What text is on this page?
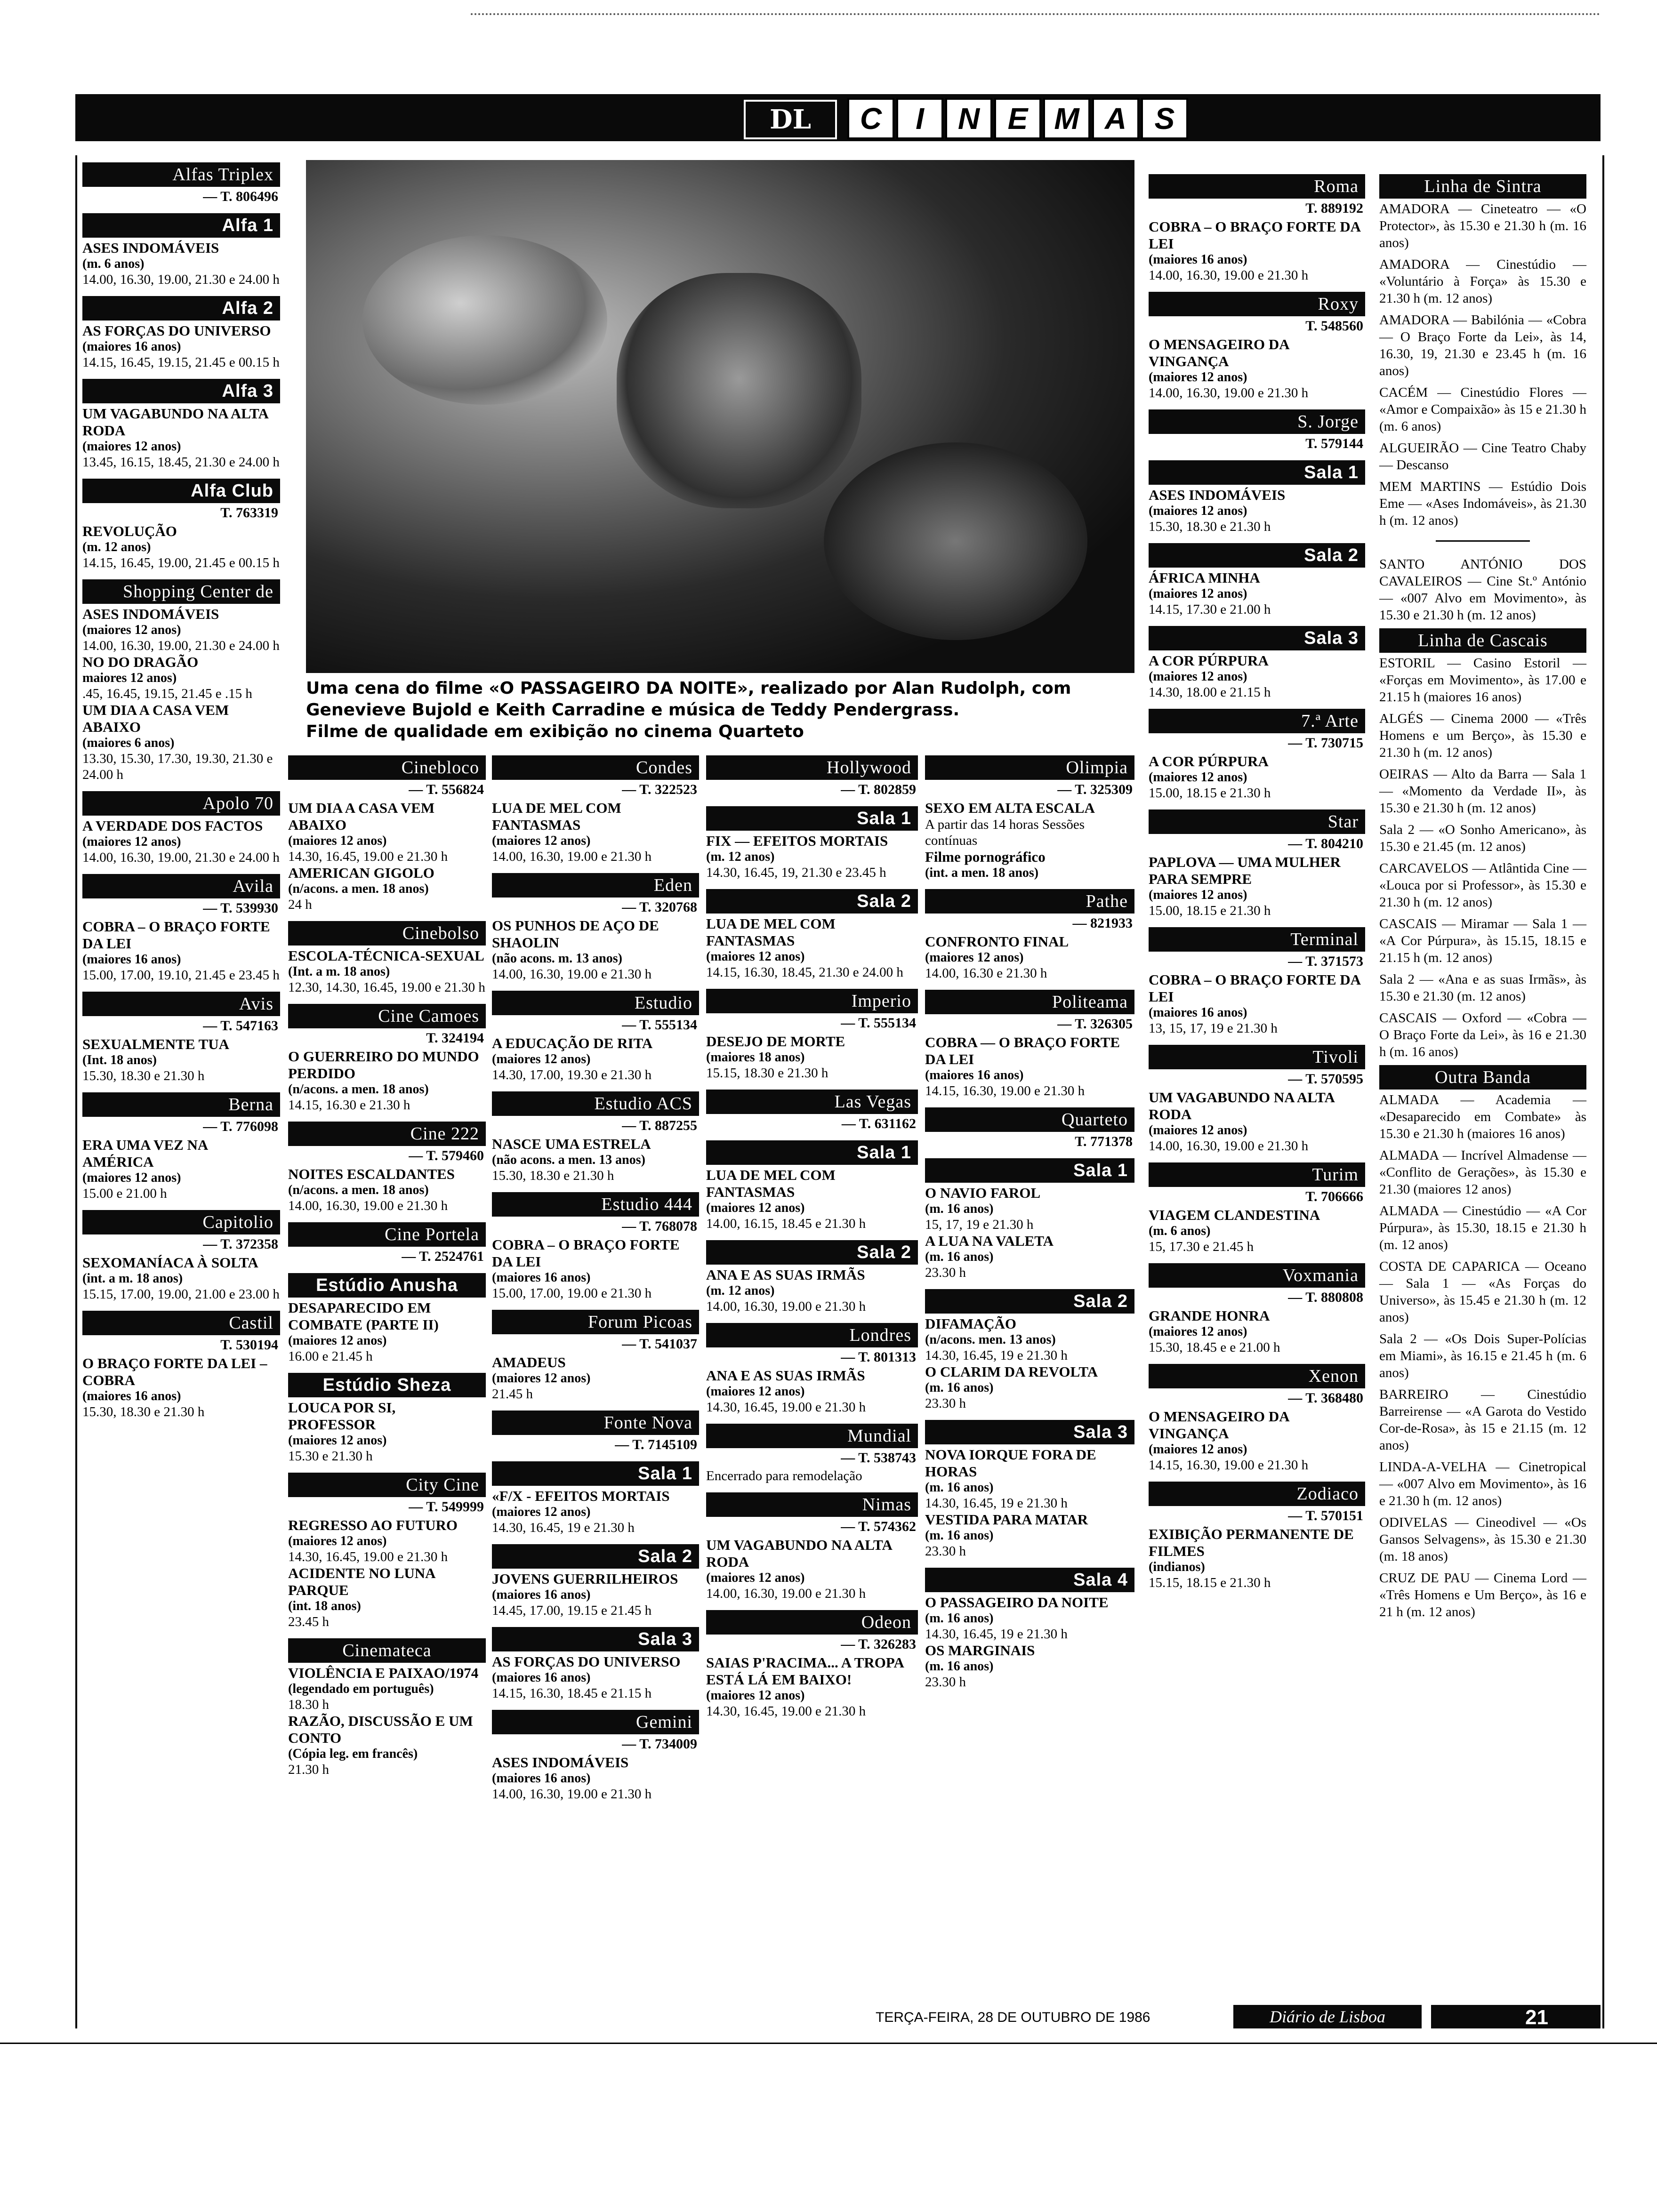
DL	C	I	N E M A S
Alfas Triplex
— T. 806496
Alfa 1
ASES INDOMÁVEIS
(m. 6 anos)
14.00, 16.30, 19.00, 21.30 e 24.00 h
Alfa 2
AS FORÇAS DO UNIVERSO
(maiores 16 anos)
14.15, 16.45, 19.15, 21.45 e 00.15 h
Alfa 3
UM VAGABUNDO NA ALTA RODA
(maiores 12 anos)
13.45, 16.15, 18.45, 21.30 e 24.00 h
Alfa Club
T. 763319
REVOLUÇÃO
(m. 12 anos)
14.15, 16.45, 19.00, 21.45 e 00.15 h
Shopping Center de Lisboa
ASES INDOMÁVEIS
(maiores 12 anos)
14.00, 16.30, 19.00, 21.30 e 24.00 h
NO DO DRAGÃO
maiores 12 anos)
.45, 16.45, 19.15, 21.45 e .15 h
UM DIA A CASA VEM ABAIXO
(maiores 6 anos)
13.30, 15.30, 17.30, 19.30, 21.30 e 24.00 h
Apolo 70
A VERDADE DOS FACTOS
(maiores 12 anos)
14.00, 16.30, 19.00, 21.30 e 24.00 h
Avila
— T. 539930
COBRA – O BRAÇO FORTE DA LEI
(maiores 16 anos)
15.00, 17.00, 19.10, 21.45 e 23.45 h
Avis
— T. 547163
SEXUALMENTE TUA
(Int. 18 anos)
15.30, 18.30 e 21.30 h
Berna
— T. 776098
ERA UMA VEZ NA AMÉRICA
(maiores 12 anos)
15.00 e 21.00 h
Capitolio
— T. 372358
SEXOMANÍACA À SOLTA
(int. a m. 18 anos)
15.15, 17.00, 19.00, 21.00 e 23.00 h
Castil
T. 530194
O BRAÇO FORTE DA LEI – COBRA
(maiores 16 anos)
15.30, 18.30 e 21.30 h
Uma cena do filme «O PASSAGEIRO DA NOITE», realizado por Alan Rudolph, com
Genevieve Bujold e Keith Carradine e música de Teddy Pendergrass.
Filme de qualidade em exibição no cinema Quarteto
Cinebloco
— T. 556824
UM DIA A CASA VEM ABAIXO
(maiores 12 anos)
14.30, 16.45, 19.00 e 21.30 h
AMERICAN GIGOLO
(n/acons. a men. 18 anos)
24 h
Cinebolso
ESCOLA-TÉCNICA-SEXUAL
(Int. a m. 18 anos)
12.30, 14.30, 16.45, 19.00 e 21.30 h
Cine Camoes
T. 324194
O GUERREIRO DO MUNDO PERDIDO
(n/acons. a men. 18 anos)
14.15, 16.30 e 21.30 h
Cine 222
— T. 579460
NOITES ESCALDANTES
(n/acons. a men. 18 anos)
14.00, 16.30, 19.00 e 21.30 h
Cine Portela
— T. 2524761
Estúdio Anusha
DESAPARECIDO EM COMBATE (PARTE II)
(maiores 12 anos)
16.00 e 21.45 h
Estúdio Sheza
LOUCA POR SI, PROFESSOR
(maiores 12 anos)
15.30 e 21.30 h
City Cine
— T. 549999
REGRESSO AO FUTURO
(maiores 12 anos)
14.30, 16.45, 19.00 e 21.30 h
ACIDENTE NO LUNA PARQUE
(int. 18 anos)
23.45 h
Cinemateca
VIOLÊNCIA E PAIXAO/1974
(legendado em português)
18.30 h
RAZÃO, DISCUSSÃO E UM CONTO
(Cópia leg. em francês)
21.30 h
Condes
— T. 322523
LUA DE MEL COM FANTASMAS
(maiores 12 anos)
14.00, 16.30, 19.00 e 21.30 h
Eden
— T. 320768
OS PUNHOS DE AÇO DE SHAOLIN
(não acons. m. 13 anos)
14.00, 16.30, 19.00 e 21.30 h
Estudio
— T. 555134
A EDUCAÇÃO DE RITA
(maiores 12 anos)
14.30, 17.00, 19.30 e 21.30 h
Estudio ACS
— T. 887255
NASCE UMA ESTRELA
(não acons. a men. 13 anos)
15.30, 18.30 e 21.30 h
Estudio 444
— T. 768078
COBRA – O BRAÇO FORTE DA LEI
(maiores 16 anos)
15.00, 17.00, 19.00 e 21.30 h
Forum Picoas
— T. 541037
AMADEUS
(maiores 12 anos)
21.45 h
Fonte Nova
— T. 7145109
Sala 1
«F/X - EFEITOS MORTAIS
(maiores 12 anos)
14.30, 16.45, 19 e 21.30 h
Sala 2
JOVENS GUERRILHEIROS
(maiores 16 anos)
14.45, 17.00, 19.15 e 21.45 h
Sala 3
AS FORÇAS DO UNIVERSO
(maiores 16 anos)
14.15, 16.30, 18.45 e 21.15 h
Gemini
— T. 734009
ASES INDOMÁVEIS
(maiores 16 anos)
14.00, 16.30, 19.00 e 21.30 h
Hollywood
— T. 802859
Sala 1
FIX — EFEITOS MORTAIS
(m. 12 anos)
14.30, 16.45, 19, 21.30 e 23.45 h
Sala 2
LUA DE MEL COM FANTASMAS
(maiores 12 anos)
14.15, 16.30, 18.45, 21.30 e 24.00 h
Imperio
— T. 555134
DESEJO DE MORTE
(maiores 18 anos)
15.15, 18.30 e 21.30 h
Las Vegas
— T. 631162
Sala 1
LUA DE MEL COM FANTASMAS
(maiores 12 anos)
14.00, 16.15, 18.45 e 21.30 h
Sala 2
ANA E AS SUAS IRMÃS
(m. 12 anos)
14.00, 16.30, 19.00 e 21.30 h
Londres
— T. 801313
ANA E AS SUAS IRMÃS
(maiores 12 anos)
14.30, 16.45, 19.00 e 21.30 h
Mundial
— T. 538743
Encerrado para remodelação
Nimas
— T. 574362
UM VAGABUNDO NA ALTA RODA
(maiores 12 anos)
14.00, 16.30, 19.00 e 21.30 h
Odeon
— T. 326283
SAIAS P'RACIMA... A TROPA ESTÁ LÁ EM BAIXO!
(maiores 12 anos)
14.30, 16.45, 19.00 e 21.30 h
Olimpia
— T. 325309
SEXO EM ALTA ESCALA
A partir das 14 horas Sessões contínuas
Filme pornográfico
(int. a men. 18 anos)
Pathe
— 821933
CONFRONTO FINAL
(maiores 12 anos)
14.00, 16.30 e 21.30 h
Politeama
— T. 326305
COBRA — O BRAÇO FORTE DA LEI
(maiores 16 anos)
14.15, 16.30, 19.00 e 21.30 h
Quarteto
T. 771378
Sala 1
O NAVIO FAROL
(m. 16 anos)
15, 17, 19 e 21.30 h
A LUA NA VALETA
(m. 16 anos)
23.30 h
Sala 2
DIFAMAÇÃO
(n/acons. men. 13 anos)
14.30, 16.45, 19 e 21.30 h
O CLARIM DA REVOLTA
(m. 16 anos)
23.30 h
Sala 3
NOVA IORQUE FORA DE HORAS
(m. 16 anos)
14.30, 16.45, 19 e 21.30 h
VESTIDA PARA MATAR
(m. 16 anos)
23.30 h
Sala 4
O PASSAGEIRO DA NOITE
(m. 16 anos)
14.30, 16.45, 19 e 21.30 h
OS MARGINAIS
(m. 16 anos)
23.30 h
Roma
T. 889192
COBRA – O BRAÇO FORTE DA LEI
(maiores 16 anos)
14.00, 16.30, 19.00 e 21.30 h
Roxy
T. 548560
O MENSAGEIRO DA VINGANÇA
(maiores 12 anos)
14.00, 16.30, 19.00 e 21.30 h
S. Jorge
T. 579144
Sala 1
ASES INDOMÁVEIS
(maiores 12 anos)
15.30, 18.30 e 21.30 h
Sala 2
ÁFRICA MINHA
(maiores 12 anos)
14.15, 17.30 e 21.00 h
Sala 3
A COR PÚRPURA
(maiores 12 anos)
14.30, 18.00 e 21.15 h
7.ª Arte
— T. 730715
A COR PÚRPURA
(maiores 12 anos)
15.00, 18.15 e 21.30 h
Star
— T. 804210
PAPLOVA — UMA MULHER PARA SEMPRE
(maiores 12 anos)
15.00, 18.15 e 21.30 h
Terminal
— T. 371573
COBRA – O BRAÇO FORTE DA LEI
(maiores 16 anos)
13, 15, 17, 19 e 21.30 h
Tivoli
— T. 570595
UM VAGABUNDO NA ALTA RODA
(maiores 12 anos)
14.00, 16.30, 19.00 e 21.30 h
Turim
T. 706666
VIAGEM CLANDESTINA
(m. 6 anos)
15, 17.30 e 21.45 h
Voxmania
— T. 880808
GRANDE HONRA
(maiores 12 anos)
15.30, 18.45 e e 21.00 h
Xenon
— T. 368480
O MENSAGEIRO DA VINGANÇA
(maiores 12 anos)
14.15, 16.30, 19.00 e 21.30 h
Zodiaco
— T. 570151
EXIBIÇÃO PERMANENTE DE FILMES
(indianos)
15.15, 18.15 e 21.30 h
Linha de Sintra
AMADORA — Cineteatro — «O Protector», às 15.30 e 21.30 h (m. 16 anos)
AMADORA — Cinestúdio — «Voluntário à Força» às 15.30 e 21.30 h (m. 12 anos)
AMADORA — Babilónia — «Cobra — O Braço Forte da Lei», às 14, 16.30, 19, 21.30 e 23.45 h (m. 16 anos)
CACÉM — Cinestúdio Flores — «Amor e Compaixão» às 15 e 21.30 h (m. 6 anos)
ALGUEIRÃO — Cine Teatro Chaby — Descanso
MEM MARTINS — Estúdio Dois Eme — «Ases Indomáveis», às 21.30 h (m. 12 anos)
SANTO ANTÓNIO DOS CAVALEIROS — Cine St.º António — «007 Alvo em Movimento», às 15.30 e 21.30 h (m. 12 anos)
Linha de Cascais
ESTORIL — Casino Estoril — «Forças em Movimento», às 17.00 e 21.15 h (maiores 16 anos)
ALGÉS — Cinema 2000 — «Três Homens e um Berço», às 15.30 e 21.30 h (m. 12 anos)
OEIRAS — Alto da Barra — Sala 1 — «Momento da Verdade II», às 15.30 e 21.30 h (m. 12 anos)
Sala 2 — «O Sonho Americano», às 15.30 e 21.45 (m. 12 anos)
CARCAVELOS — Atlântida Cine — «Louca por si Professor», às 15.30 e 21.30 h (m. 12 anos)
CASCAIS — Miramar — Sala 1 — «A Cor Púrpura», às 15.15, 18.15 e 21.15 h (m. 12 anos)
Sala 2 — «Ana e as suas Irmãs», às 15.30 e 21.30 (m. 12 anos)
CASCAIS — Oxford — «Cobra — O Braço Forte da Lei», às 16 e 21.30 h (m. 16 anos)
Outra Banda
ALMADA — Academia — «Desaparecido em Combate» às 15.30 e 21.30 h (maiores 16 anos)
ALMADA — Incrível Almadense — «Conflito de Gerações», às 15.30 e 21.30 (maiores 12 anos)
ALMADA — Cinestúdio — «A Cor Púrpura», às 15.30, 18.15 e 21.30 h (m. 12 anos)
COSTA DE CAPARICA — Oceano — Sala 1 — «As Forças do Universo», às 15.45 e 21.30 h (m. 12 anos)
Sala 2 — «Os Dois Super-Polícias em Miami», às 16.15 e 21.45 h (m. 6 anos)
BARREIRO — Cinestúdio Barreirense — «A Garota do Vestido Cor-de-Rosa», às 15 e 21.15 (m. 12 anos)
LINDA-A-VELHA — Cinetropical — «007 Alvo em Movimento», às 16 e 21.30 h (m. 12 anos)
ODIVELAS — Cineodivel — «Os Gansos Selvagens», às 15.30 e 21.30 (m. 18 anos)
CRUZ DE PAU — Cinema Lord — «Três Homens e Um Berço», às 16 e 21 h (m. 12 anos)
TERÇA-FEIRA, 28 DE OUTUBRO DE 1986	Diário de Lisboa	21
